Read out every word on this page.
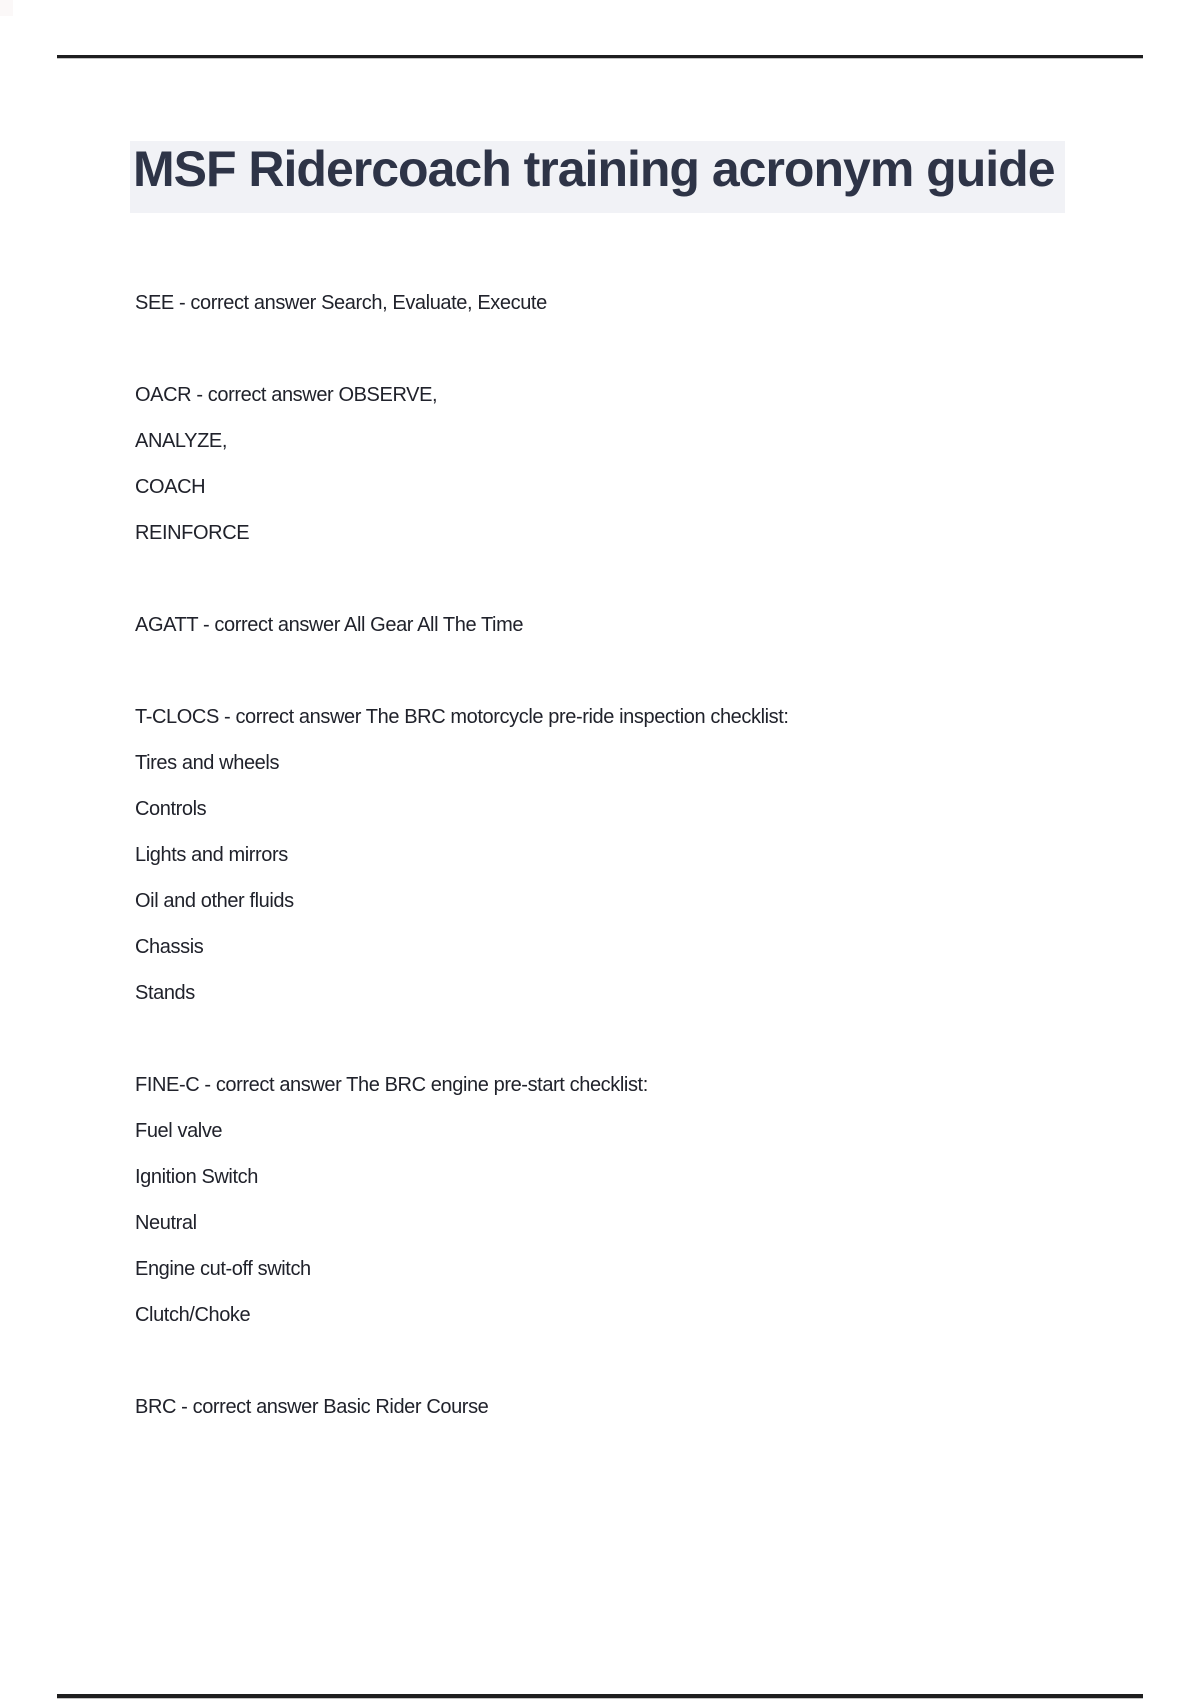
MSF Ridercoach training acronym guide

SEE - correct answer Search, Evaluate, Execute

OACR - correct answer OBSERVE,

ANALYZE,

COACH

REINFORCE

AGATT - correct answer All Gear All The Time

T-CLOCS - correct answer The BRC motorcycle pre-ride inspection checklist:

Tires and wheels

Controls

Lights and mirrors

Oil and other fluids

Chassis

Stands

FINE-C - correct answer The BRC engine pre-start checklist:

Fuel valve

Ignition Switch

Neutral

Engine cut-off switch

Clutch/Choke

BRC - correct answer Basic Rider Course
